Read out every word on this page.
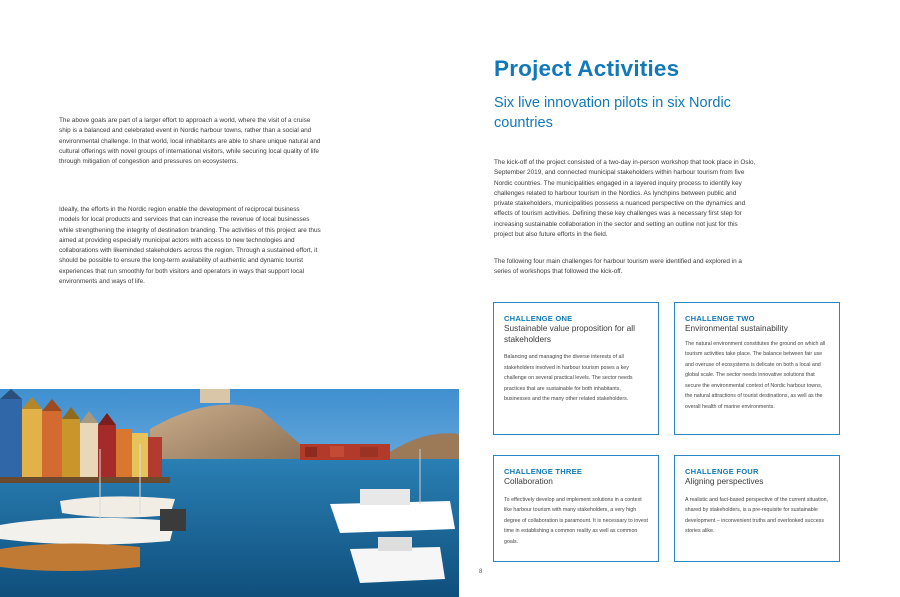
The above goals are part of a larger effort to approach a world, where the visit of a cruise ship is a balanced and celebrated event in Nordic harbour towns, rather than a social and environmental challenge. In that world, local inhabitants are able to share unique natural and cultural offerings with novel groups of international visitors, while securing local quality of life through mitigation of congestion and pressures on ecosystems.

Ideally, the efforts in the Nordic region enable the development of reciprocal business models for local products and services that can increase the revenue of local businesses while strengthening the integrity of destination branding. The activities of this project are thus aimed at providing especially municipal actors with access to new technologies and collaborations with likeminded stakeholders across the region. Through a sustained effort, it should be possible to ensure the long-term availability of authentic and dynamic tourist experiences that run smoothly for both visitors and operators in ways that support local environments and ways of life.

8
Project Activities
Six live innovation pilots in six Nordic countries

The kick-off of the project consisted of a two-day in-person workshop that took place in Oslo, September 2019, and connected municipal stakeholders within harbour tourism from five Nordic countries. The municipalities engaged in a layered inquiry process to identify key challenges related to harbour tourism in the Nordics. As lynchpins between public and private stakeholders, municipalities possess a nuanced perspective on the dynamics and effects of tourism activities. Defining these key challenges was a necessary first step for increasing sustainable collaboration in the sector and setting an outline not just for this project but also future efforts in the field.

The following four main challenges for harbour tourism were identified and explored in a series of workshops that followed the kick-off.

CHALLENGE ONE
Sustainable value proposition for all stakeholders

Balancing and managing the diverse interests of all stakeholders involved in harbour tourism poses a key challenge on several practical levels. The sector needs practices that are sustainable for both inhabitants, businesses and the many other related stakeholders.

CHALLENGE TWO
Environmental sustainability

The natural environment constitutes the ground on which all tourism activities take place. The balance between fair use and overuse of ecosystems is delicate on both a local and global scale. The sector needs innovative solutions that secure the environmental context of Nordic harbour towns, the natural attractions of tourist destinations, as well as the overall health of marine environments.

CHALLENGE THREE
Collaboration

To effectively develop and implement solutions in a context like harbour tourism with many stakeholders, a very high degree of collaboration is paramount. It is necessary to invest time in establishing a common reality as well as common goals.

CHALLENGE FOUR
Aligning perspectives

A realistic and fact-based perspective of the current situation, shared by stakeholders, is a pre-requisite for sustainable development – inconvenient truths and overlooked success stories alike.
